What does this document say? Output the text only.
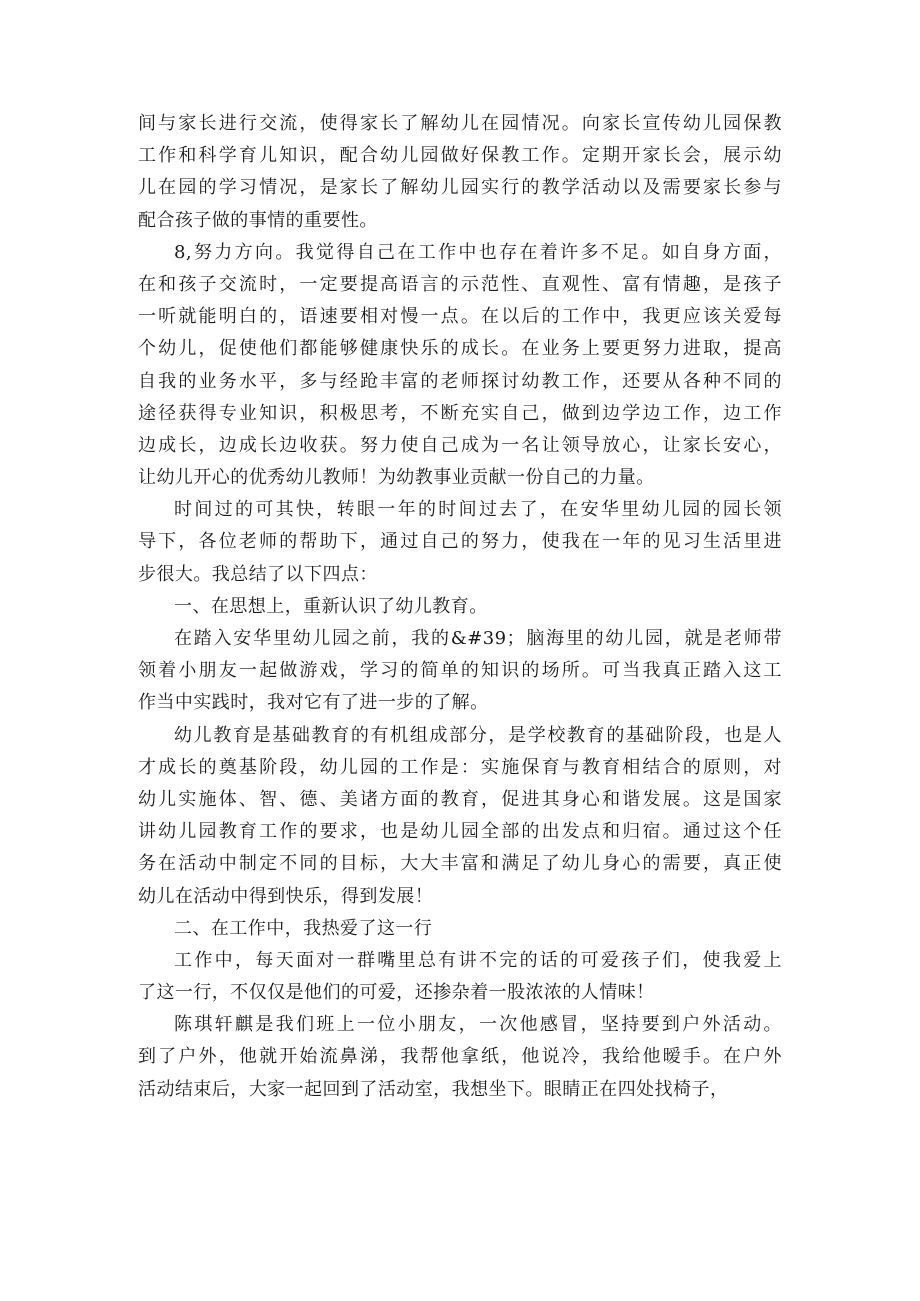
间与家长进行交流，使得家长了解幼儿在园情况。向家长宣传幼儿园保教
工作和科学育儿知识，配合幼儿园做好保教工作。定期开家长会，展示幼
儿在园的学习情况，是家长了解幼儿园实行的教学活动以及需要家长参与
配合孩子做的事情的重要性。
8,努力方向。我觉得自己在工作中也存在着许多不足。如自身方面，
在和孩子交流时，一定要提高语言的示范性、直观性、富有情趣，是孩子
一听就能明白的，语速要相对慢一点。在以后的工作中，我更应该关爱每
个幼儿，促使他们都能够健康快乐的成长。在业务上要更努力进取，提高
自我的业务水平，多与经跄丰富的老师探讨幼教工作，还要从各种不同的
途径获得专业知识，积极思考，不断充实自己，做到边学边工作，边工作
边成长，边成长边收获。努力使自己成为一名让领导放心，让家长安心，
让幼儿开心的优秀幼儿教师！为幼教事业贡献一份自己的力量。
时间过的可其快，转眼一年的时间过去了，在安华里幼儿园的园长领
导下，各位老师的帮助下，通过自己的努力，使我在一年的见习生活里进
步很大。我总结了以下四点：
一、在思想上，重新认识了幼儿教育。
在踏入安华里幼儿园之前，我的&#39；脑海里的幼儿园，就是老师带
领着小朋友一起做游戏，学习的简单的知识的场所。可当我真正踏入这工
作当中实践时，我对它有了进一步的了解。
幼儿教育是基础教育的有机组成部分，是学校教育的基础阶段，也是人
才成长的奠基阶段，幼儿园的工作是：实施保育与教育相结合的原则，对
幼儿实施体、智、德、美诸方面的教育，促进其身心和谐发展。这是国家
讲幼儿园教育工作的要求，也是幼儿园全部的出发点和归宿。通过这个任
务在活动中制定不同的目标，大大丰富和满足了幼儿身心的需要，真正使
幼儿在活动中得到快乐，得到发展！
二、在工作中，我热爱了这一行
工作中，每天面对一群嘴里总有讲不完的话的可爱孩子们，使我爱上
了这一行，不仅仅是他们的可爱，还掺杂着一股浓浓的人情味！
陈琪轩麒是我们班上一位小朋友，一次他感冒，坚持要到户外活动。
到了户外，他就开始流鼻涕，我帮他拿纸，他说冷，我给他暧手。在户外
活动结束后，大家一起回到了活动室，我想坐下。眼睛正在四处找椅子，
